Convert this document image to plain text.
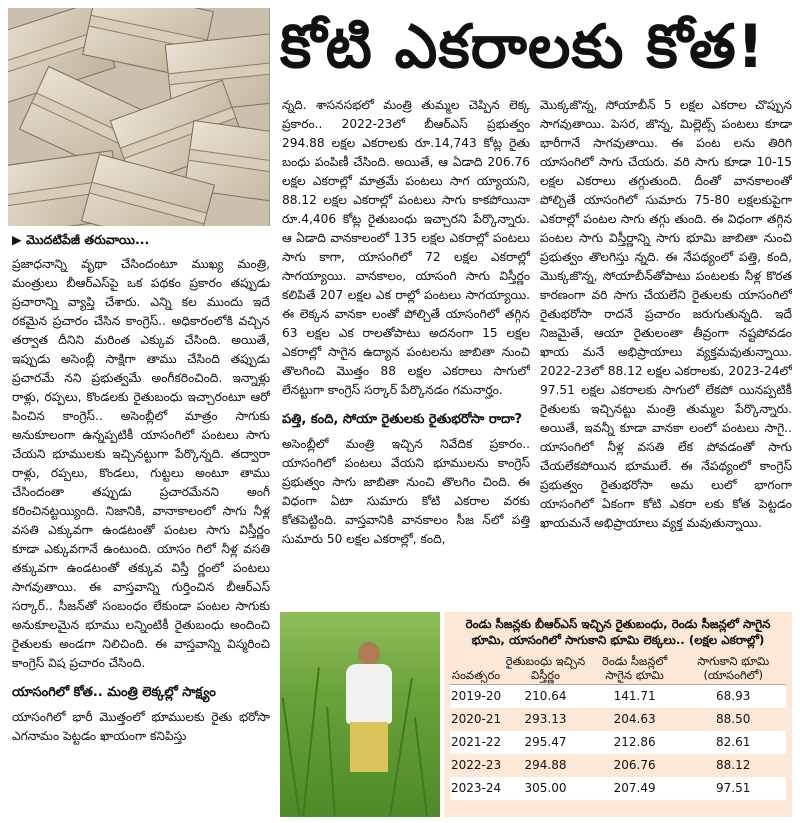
కోటి ఎకరాలకు కోత!
▶ మొదటిపేజీ తరువాయి...

ప్రజాధనాన్ని వృథా చేసిందంటూ ముఖ్య మంత్రి, మంత్రులు బీఆర్‌ఎస్‌పై ఒక పథకం ప్రకారం తప్పుడు ప్రచారాన్ని వ్యాప్తి చేశారు. ఎన్ని కల ముందు ఇదే రకమైన ప్రచారం చేసిన కాంగ్రెస్.. అధికారంలోకి వచ్చిన తర్వాత దీనిని మరింత ఎక్కువ చేసింది. అయితే, ఇప్పుడు అసెంబ్లీ సాక్షిగా తాము చేసింది తప్పుడు ప్రచారమే నని ప్రభుత్వమే అంగీకరించింది. ఇన్నాళ్లు రాళ్లు, రప్పలు, కొండలకు రైతుబంధు ఇచ్చారంటూ ఆరో పించిన కాంగ్రెస్.. అసెంబ్లీలో మాత్రం సాగుకు అనుకూలంగా ఉన్నప్పటికీ యాసంగిలో పంటలు సాగు చేయని భూములకు ఇచ్చినట్టుగా పేర్కొన్నది. తద్వారా రాళ్లు, రప్పలు, కొండలు, గుట్టలు అంటూ తాము చేసిందంతా తప్పుడు ప్రచారమేనని అంగీ కరించినట్టయ్యింది. నిజానికి, వానాకాలంలో సాగు నీళ్ల వసతి ఎక్కువగా ఉండటంతో పంటల సాగు విస్తీర్ణం కూడా ఎక్కువగానే ఉంటుంది. యాసం గిలో నీళ్ల వసతి తక్కువగా ఉండటంతో తక్కువ విస్తీ ర్ణంలో పంటలు సాగవుతాయి. ఈ వాస్తవాన్ని గుర్తించిన బీఆర్‌ఎస్ సర్కార్.. సీజన్‌తో సంబంధం లేకుండా పంటల సాగుకు అనుకూలమైన భూము లన్నింటికీ రైతుబంధు అందించి రైతులకు అండగా నిలిచింది. ఈ వాస్తవాన్ని విస్మరించి కాంగ్రెస్ విష ప్రచారం చేసింది.

యాసంగిలో కోత.. మంత్రి లెక్కల్లో సాక్ష్యం

యాసంగిలో భారీ మొత్తంలో భూములకు రైతు భరోసా ఎగనామం పెట్టడం ఖాయంగా కనిపిస్తు

న్నది. శాసనసభలో మంత్రి తుమ్మల చెప్పిన లెక్క ప్రకారం.. 2022-23లో బీఆర్‌ఎస్ ప్రభుత్వం 294.88 లక్షల ఎకరాలకు రూ.14,743 కోట్ల రైతు బంధు పంపిణీ చేసింది. అయితే, ఆ ఏడాది 206.76 లక్షల ఎకరాల్లో మాత్రమే పంటలు సాగ య్యాయని, 88.12 లక్షల ఎకరాల్లో పంటలు సాగు కాకపోయినా రూ.4,406 కోట్ల రైతుబంధు ఇచ్చారని పేర్కొన్నారు. ఆ ఏడాది వానకాలంలో 135 లక్షల ఎకరాల్లో పంటలు సాగు కాగా, యాసంగిలో 72 లక్షల ఎకరాల్లో సాగయ్యాయి. వానకాలం, యాసంగి సాగు విస్తీర్ణం కలిపితే 207 లక్షల ఎక రాల్లో పంటలు సాగయ్యాయి. ఈ లెక్కన వానకా లంతో పోల్చితే యాసంగిలో తగ్గిన 63 లక్షల ఎక రాలతోపాటు అదనంగా 15 లక్షల ఎకరాల్లో సాగైన ఉద్యాన పంటలను జాబితా నుంచి తొలగించి మొత్తం 88 లక్షల ఎకరాలు సాగులో లేనట్టుగా కాంగ్రెస్ సర్కార్ పేర్కొనడం గమనార్హం.

పత్తి, కంది, సోయా రైతులకు రైతుభరోసా రాదా?

అసెంబ్లీలో మంత్రి ఇచ్చిన నివేదిక ప్రకారం.. యాసంగిలో పంటలు వేయని భూములను కాంగ్రెస్ ప్రభుత్వం సాగు జాబితా నుంచి తొలగిం చింది. ఈ విధంగా ఏటా సుమారు కోటి ఎకరాల వరకు కోతపెట్టింది. వాస్తవానికి వానకాలం సీజ న్‌లో పత్తి సుమారు 50 లక్షల ఎకరాల్లో, కంది,

మొక్కజొన్న, సోయాబీన్ 5 లక్షల ఎకరాల చొప్పున సాగవుతాయి. పెసర, జొన్న, మిల్లెట్స్ పంటలు కూడా భారీగానే సాగవుతాయి. ఈ పంట లను తిరిగి యాసంగిలో సాగు చేయరు. వరి సాగు కూడా 10-15 లక్షల ఎకరాలు తగ్గుతుంది. దీంతో వానకాలంతో పోల్చితే యాసంగిలో సుమారు 75-80 లక్షలకుపైగా ఎకరాల్లో పంటల సాగు తగ్గు తుంది. ఈ విధంగా తగ్గిన పంటల సాగు విస్తీర్ణాన్ని సాగు భూమి జాబితా నుంచి ప్రభుత్వం తొలగిస్తు న్నది. ఈ నేపథ్యంలో పత్తి, కంది, మొక్కజొన్న, సోయాబీన్‌తోపాటు పంటలకు నీళ్ల కొరత కారణంగా వరి సాగు చేయలేని రైతులకు యాసంగిలో రైతుభరోసా రాదనే ప్రచారం జరుగుతున్నది. ఇదే నిజమైతే, ఆయా రైతులంతా తీవ్రంగా నష్టపోవడం ఖాయ మనే అభిప్రాయాలు వ్యక్తమవుతున్నాయి. 2022-23లో 88.12 లక్షల ఎకరాలకు, 2023-24లో 97.51 లక్షల ఎకరాలకు సాగులో లేకపో యినప్పటికీ రైతులకు ఇచ్చినట్టు మంత్రి తుమ్మల పేర్కొన్నారు. అయితే, ఇవన్నీ కూడా వానకా లంలో పంటలు సాగై.. యాసంగిలో నీళ్ల వసతి లేక పోవడంతో సాగు చేయలేకపోయిన భూములే. ఈ నేపథ్యంలో కాంగ్రెస్ ప్రభుత్వం రైతుభరోసా అమ లులో భాగంగా యాసంగిలో ఏకంగా కోటి ఎకరా లకు కోత పెట్టడం ఖాయమనే అభిప్రాయాలు వ్యక్త మవుతున్నాయి.

రెండు సీజన్లకు బీఆర్‌ఎస్ ఇచ్చిన రైతుబంధు, రెండు సీజన్లలో సాగైన భూమి, యాసంగిలో సాగుకాని భూమి లెక్కలు.. (లక్షల ఎకరాల్లో)
సంవత్సరం	రైతుబంధు ఇచ్చిన విస్తీర్ణం	రెండు సీజన్లలో సాగైన భూమి	సాగుకాని భూమి (యాసంగిలో)
2019-20	210.64	141.71	68.93
2020-21	293.13	204.63	88.50
2021-22	295.47	212.86	82.61
2022-23	294.88	206.76	88.12
2023-24	305.00	207.49	97.51
